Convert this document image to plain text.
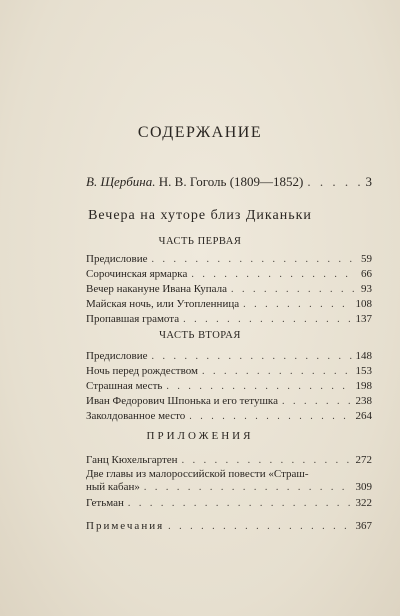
СОДЕРЖАНИЕ
В. Щербина. Н. В. Гоголь (1809—1852) . . .	3
Вечера на хуторе близ Диканьки
ЧАСТЬ ПЕРВАЯ
Предисловие . . .	59
Сорочинская ярмарка . . .	66
Вечер накануне Ивана Купала . . .	93
Майская ночь, или Утопленница . . .	108
Пропавшая грамота . . .	137
ЧАСТЬ ВТОРАЯ
Предисловие . . .	148
Ночь перед рождеством . . .	153
Страшная месть . . .	198
Иван Федорович Шпонька и его тетушка . . .	238
Заколдованное место . . .	264
ПРИЛОЖЕНИЯ
Ганц Кюхельгартен . . .	272
Две главы из малороссийской повести «Страш-
ный кабан» . . .	309
Гетьман . . .	322
Примечания . . .	367
